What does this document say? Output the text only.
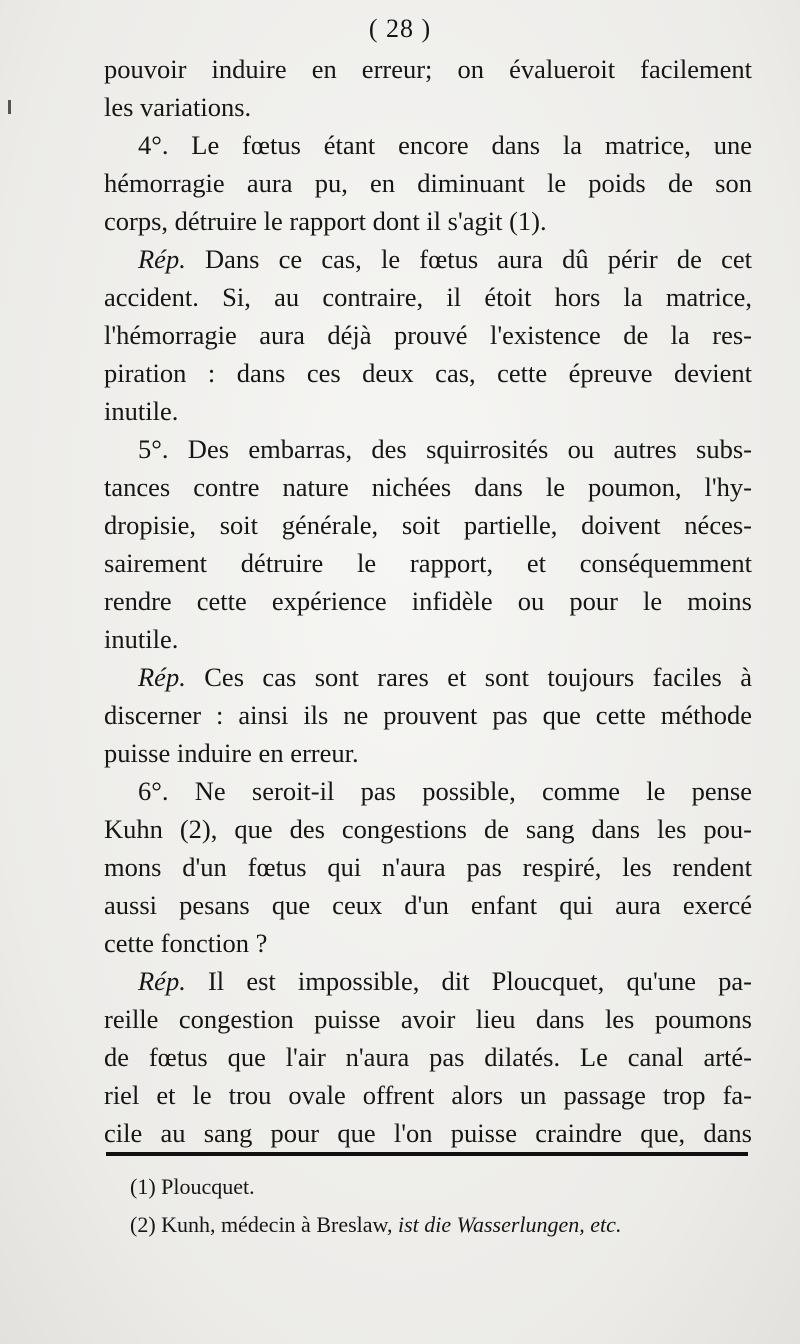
( 28 )
pouvoir induire en erreur; on évalueroit facilement
les variations.
4°. Le fœtus étant encore dans la matrice, une
hémorragie aura pu, en diminuant le poids de son
corps, détruire le rapport dont il s'agit (1).
Rép. Dans ce cas, le fœtus aura dû périr de cet
accident. Si, au contraire, il étoit hors la matrice,
l'hémorragie aura déjà prouvé l'existence de la res-
piration : dans ces deux cas, cette épreuve devient
inutile.
5°. Des embarras, des squirrosités ou autres subs-
tances contre nature nichées dans le poumon, l'hy-
dropisie, soit générale, soit partielle, doivent néces-
sairement détruire le rapport, et conséquemment
rendre cette expérience infidèle ou pour le moins
inutile.
Rép. Ces cas sont rares et sont toujours faciles à
discerner : ainsi ils ne prouvent pas que cette méthode
puisse induire en erreur.
6°. Ne seroit-il pas possible, comme le pense
Kuhn (2), que des congestions de sang dans les pou-
mons d'un fœtus qui n'aura pas respiré, les rendent
aussi pesans que ceux d'un enfant qui aura exercé
cette fonction ?
Rép. Il est impossible, dit Ploucquet, qu'une pa-
reille congestion puisse avoir lieu dans les poumons
de fœtus que l'air n'aura pas dilatés. Le canal arté-
riel et le trou ovale offrent alors un passage trop fa-
cile au sang pour que l'on puisse craindre que, dans
(1) Ploucquet.
(2) Kunh, médecin à Breslaw, ist die Wasserlungen, etc.
